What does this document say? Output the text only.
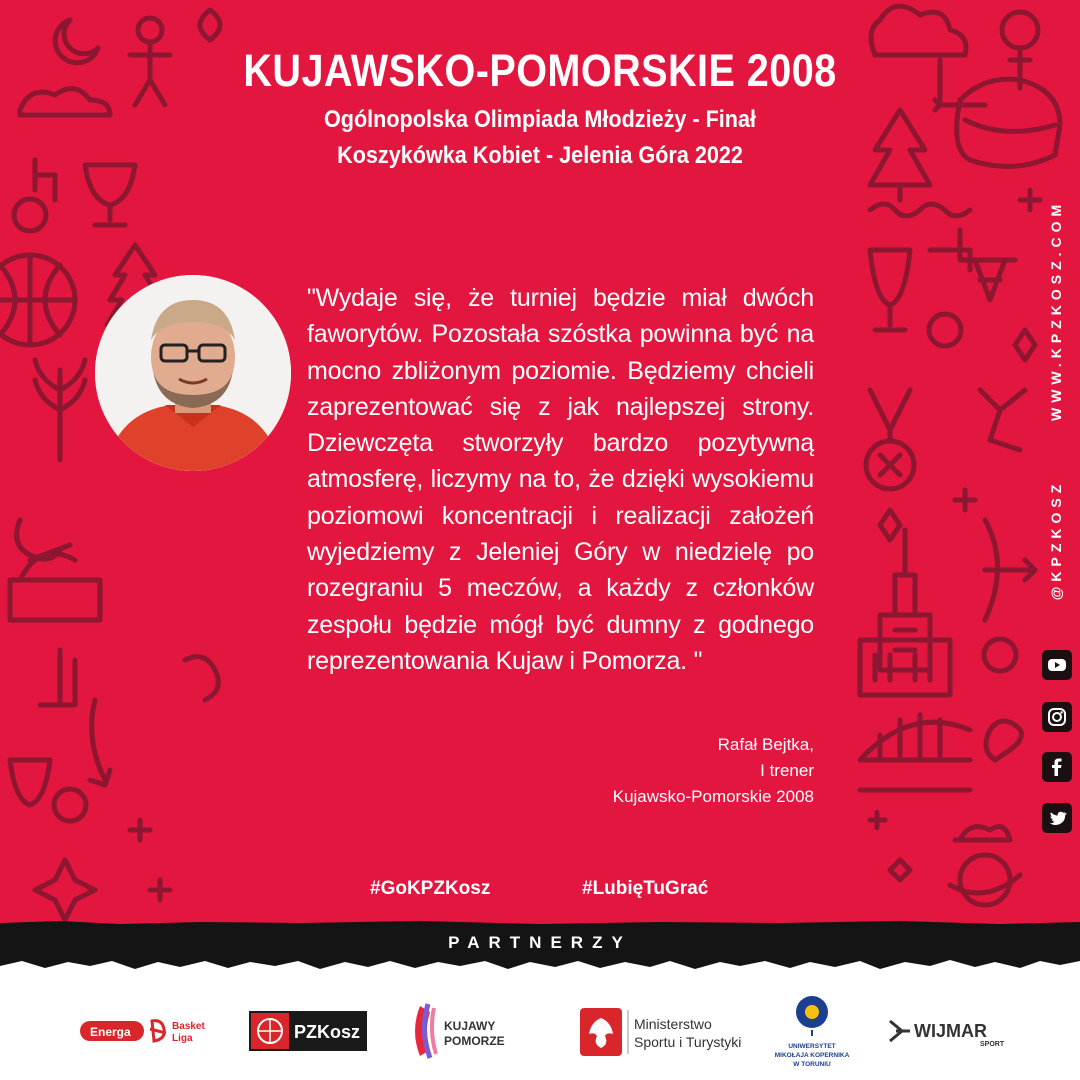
KUJAWSKO-POMORSKIE 2008
Ogólnopolska Olimpiada Młodzieży - Finał
Koszykówka Kobiet - Jelenia Góra 2022
"Wydaje się, że turniej będzie miał dwóch faworytów. Pozostała szóstka powinna być na mocno zbliżonym poziomie. Będziemy chcieli zaprezentować się z jak najlepszej strony. Dziewczęta stworzyły bardzo pozytywną atmosferę, liczymy na to, że dzięki wysokiemu poziomowi koncentracji i realizacji założeń wyjedziemy z Jeleniej Góry w niedzielę po rozegraniu 5 meczów, a każdy z członków zespołu będzie mógł być dumny z godnego reprezentowania Kujaw i Pomorza. "
Rafał Bejtka,
I trener
Kujawsko-Pomorskie 2008
#GoKPZKosz	#LubięTuGrać
WWW.KPZKOSZ.COM
@KPZKOSZ
PARTNERZY
Energa	Basket
Liga	PZKosz	KUJAWY
POMORZE
Ministerstwo
Sportu i Turystyki	UNIWERSYTET
MIKOŁAJA KOPERNIKA
W TORUNIU
WIJMAR
SPORT
